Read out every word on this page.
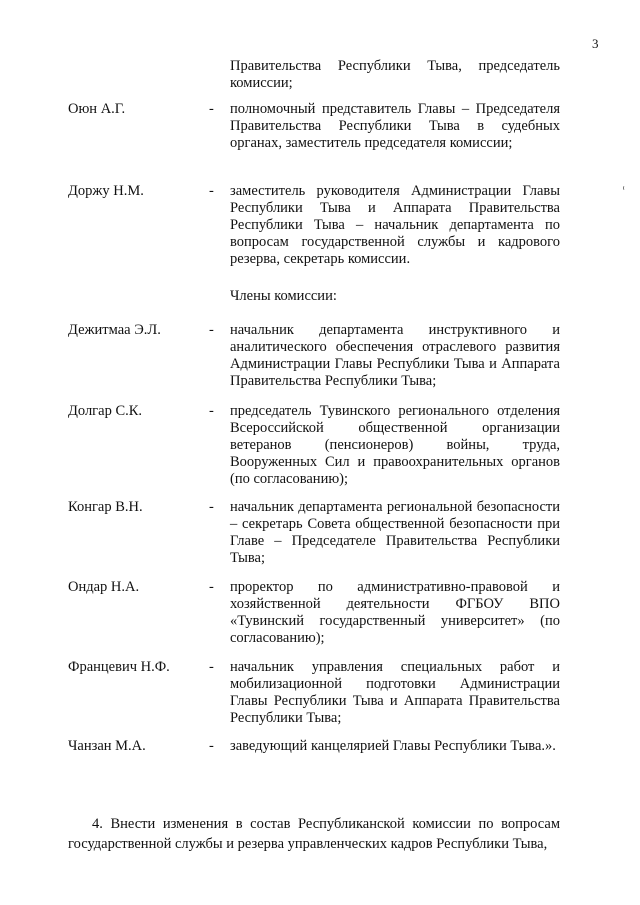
3
Правительства Республики Тыва, председатель комиссии;
Оюн А.Г.	- полномочный представитель Главы – Председателя Правительства Республики Тыва в судебных органах, заместитель председателя комиссии;
Доржу Н.М.	- заместитель руководителя Администрации Главы Республики Тыва и Аппарата Правительства Республики Тыва – начальник департамента по вопросам государственной службы и кадрового резерва, секретарь комиссии.
Члены комиссии:
Дежитмаа Э.Л.	- начальник департамента инструктивного и аналитического обеспечения отраслевого развития Администрации Главы Республики Тыва и Аппарата Правительства Республики Тыва;
Долгар С.К.	- председатель Тувинского регионального отделения Всероссийской общественной организации ветеранов (пенсионеров) войны, труда, Вооруженных Сил и правоохранительных органов (по согласованию);
Конгар В.Н.	- начальник департамента региональной безопасности – секретарь Совета общественной безопасности при Главе – Председателе Правительства Республики Тыва;
Ондар Н.А.	- проректор по административно-правовой и хозяйственной деятельности ФГБОУ ВПО «Тувинский государственный университет» (по согласованию);
Францевич Н.Ф.	- начальник управления специальных работ и мобилизационной подготовки Администрации Главы Республики Тыва и Аппарата Правительства Республики Тыва;
Чанзан М.А.	- заведующий канцелярией Главы Республики Тыва.».
4. Внести изменения в состав Республиканской комиссии по вопросам государственной службы и резерва управленческих кадров Республики Тыва,
